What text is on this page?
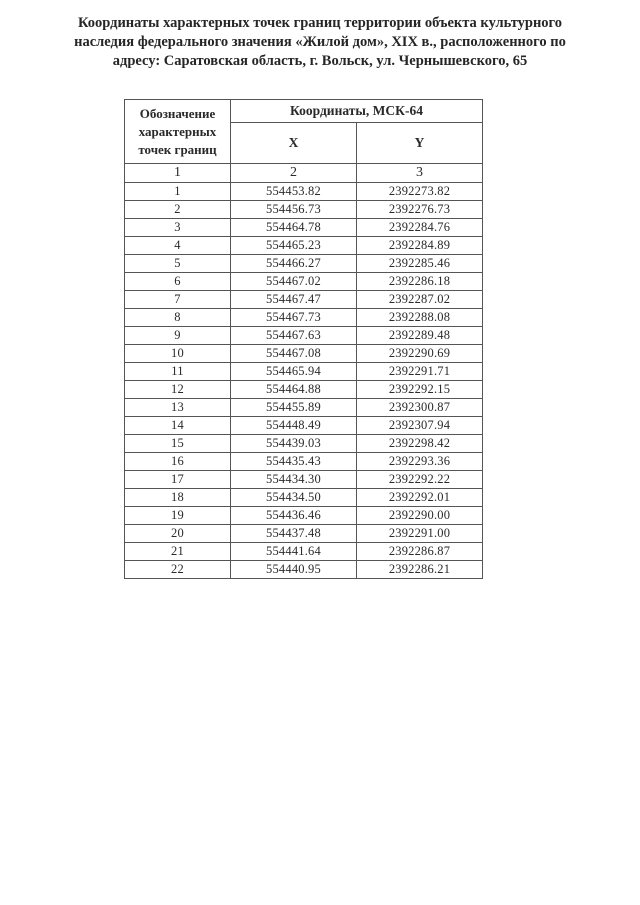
Координаты характерных точек границ территории объекта культурного
наследия федерального значения «Жилой дом», XIX в., расположенного по
адресу: Саратовская область, г. Вольск, ул. Чернышевского, 65
Обозначение характерных точек границ	Координаты, МСК-64	
	X	Y
1	2	3
1	554453.82	2392273.82
2	554456.73	2392276.73
3	554464.78	2392284.76
4	554465.23	2392284.89
5	554466.27	2392285.46
6	554467.02	2392286.18
7	554467.47	2392287.02
8	554467.73	2392288.08
9	554467.63	2392289.48
10	554467.08	2392290.69
11	554465.94	2392291.71
12	554464.88	2392292.15
13	554455.89	2392300.87
14	554448.49	2392307.94
15	554439.03	2392298.42
16	554435.43	2392293.36
17	554434.30	2392292.22
18	554434.50	2392292.01
19	554436.46	2392290.00
20	554437.48	2392291.00
21	554441.64	2392286.87
22	554440.95	2392286.21
